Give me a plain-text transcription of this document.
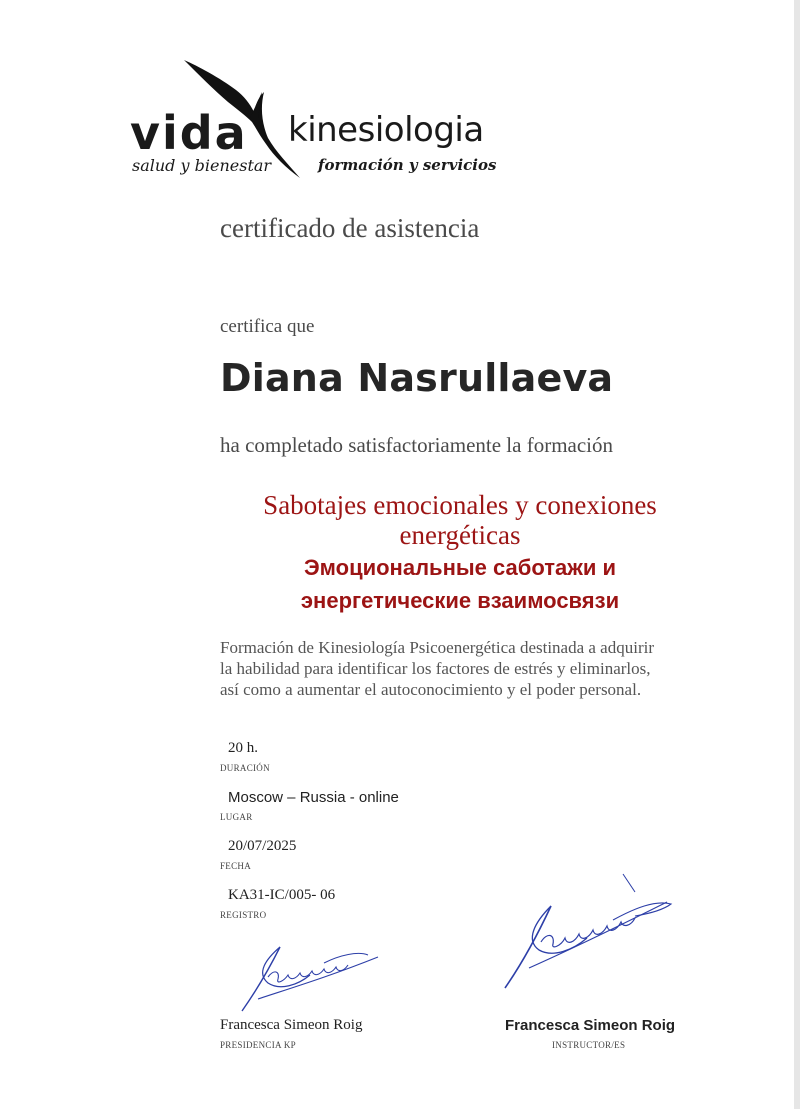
vida kinesiologia
salud y bienestar	formación y servicios
certificado de asistencia
certifica que
Diana Nasrullaeva
ha completado satisfactoriamente la formación
Sabotajes emocionales y conexiones
energéticas
Эмоциональные саботажи и
энергетические взаимосвязи
Formación de Kinesiología Psicoenergética destinada a adquirir
la habilidad para identificar los factores de estrés y eliminarlos,
así como a aumentar el autoconocimiento y el poder personal.
20 h.
DURACIÓN
Moscow – Russia - online
LUGAR
20/07/2025
FECHA
KA31-IC/005- 06
REGISTRO
Francesca Simeon Roig
PRESIDENCIA KP
Francesca Simeon Roig
INSTRUCTOR/ES
